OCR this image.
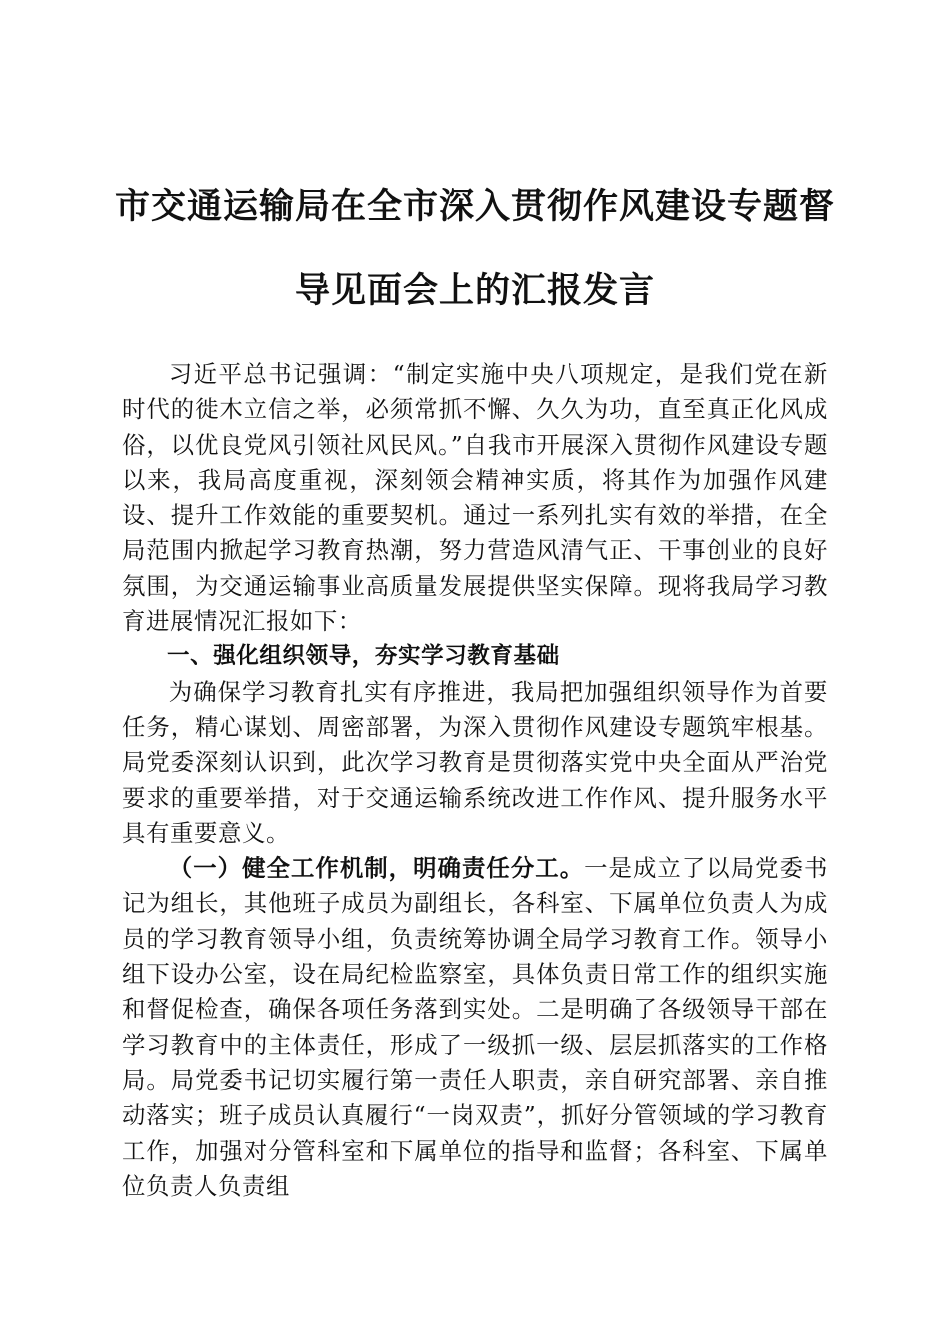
市交通运输局在全市深入贯彻作风建设专题督导见面会上的汇报发言

习近平总书记强调：“制定实施中央八项规定，是我们党在新时代的徙木立信之举，必须常抓不懈、久久为功，直至真正化风成俗，以优良党风引领社风民风。”自我市开展深入贯彻作风建设专题以来，我局高度重视，深刻领会精神实质，将其作为加强作风建设、提升工作效能的重要契机。通过一系列扎实有效的举措，在全局范围内掀起学习教育热潮，努力营造风清气正、干事创业的良好氛围，为交通运输事业高质量发展提供坚实保障。现将我局学习教育进展情况汇报如下：

一、强化组织领导，夯实学习教育基础

为确保学习教育扎实有序推进，我局把加强组织领导作为首要任务，精心谋划、周密部署，为深入贯彻作风建设专题筑牢根基。局党委深刻认识到，此次学习教育是贯彻落实党中央全面从严治党要求的重要举措，对于交通运输系统改进工作作风、提升服务水平具有重要意义。

（一）健全工作机制，明确责任分工。一是成立了以局党委书记为组长，其他班子成员为副组长，各科室、下属单位负责人为成员的学习教育领导小组，负责统筹协调全局学习教育工作。领导小组下设办公室，设在局纪检监察室，具体负责日常工作的组织实施和督促检查，确保各项任务落到实处。二是明确了各级领导干部在学习教育中的主体责任，形成了一级抓一级、层层抓落实的工作格局。局党委书记切实履行第一责任人职责，亲自研究部署、亲自推动落实；班子成员认真履行“一岗双责”，抓好分管领域的学习教育工作，加强对分管科室和下属单位的指导和监督；各科室、下属单位负责人负责组
